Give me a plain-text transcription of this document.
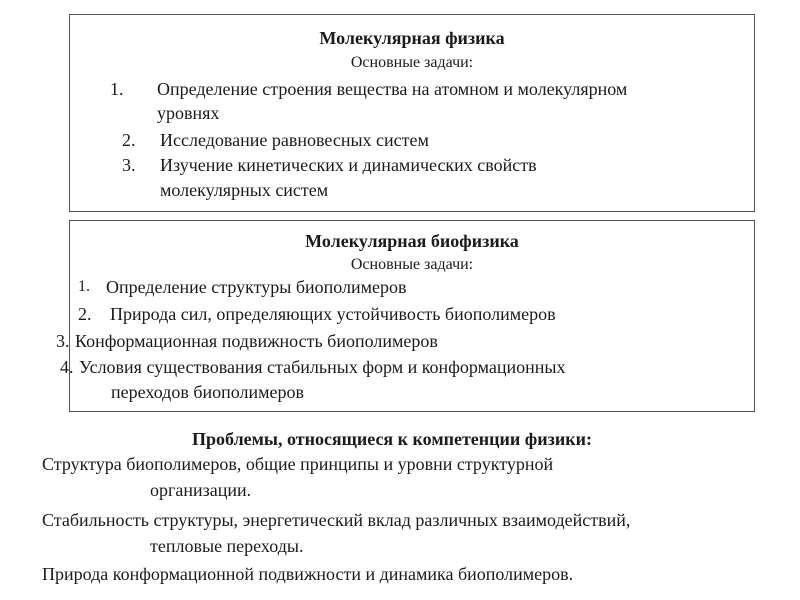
Молекулярная физика
Основные задачи:
1. Определение строения вещества на атомном и молекулярном
уровнях
2. Исследование равновесных систем
3. Изучение кинетических и динамических свойств
молекулярных систем
Молекулярная биофизика
Основные задачи:
1. Определение структуры биополимеров
2. Природа сил, определяющих устойчивость биополимеров
3. Конформационная подвижность биополимеров
4. Условия существования стабильных форм и конформационных
переходов биополимеров
Проблемы, относящиеся к компетенции физики:
Структура биополимеров, общие принципы и уровни структурной
организации.
Стабильность структуры, энергетический вклад различных взаимодействий,
тепловые переходы.
Природа конформационной подвижности и динамика биополимеров.
